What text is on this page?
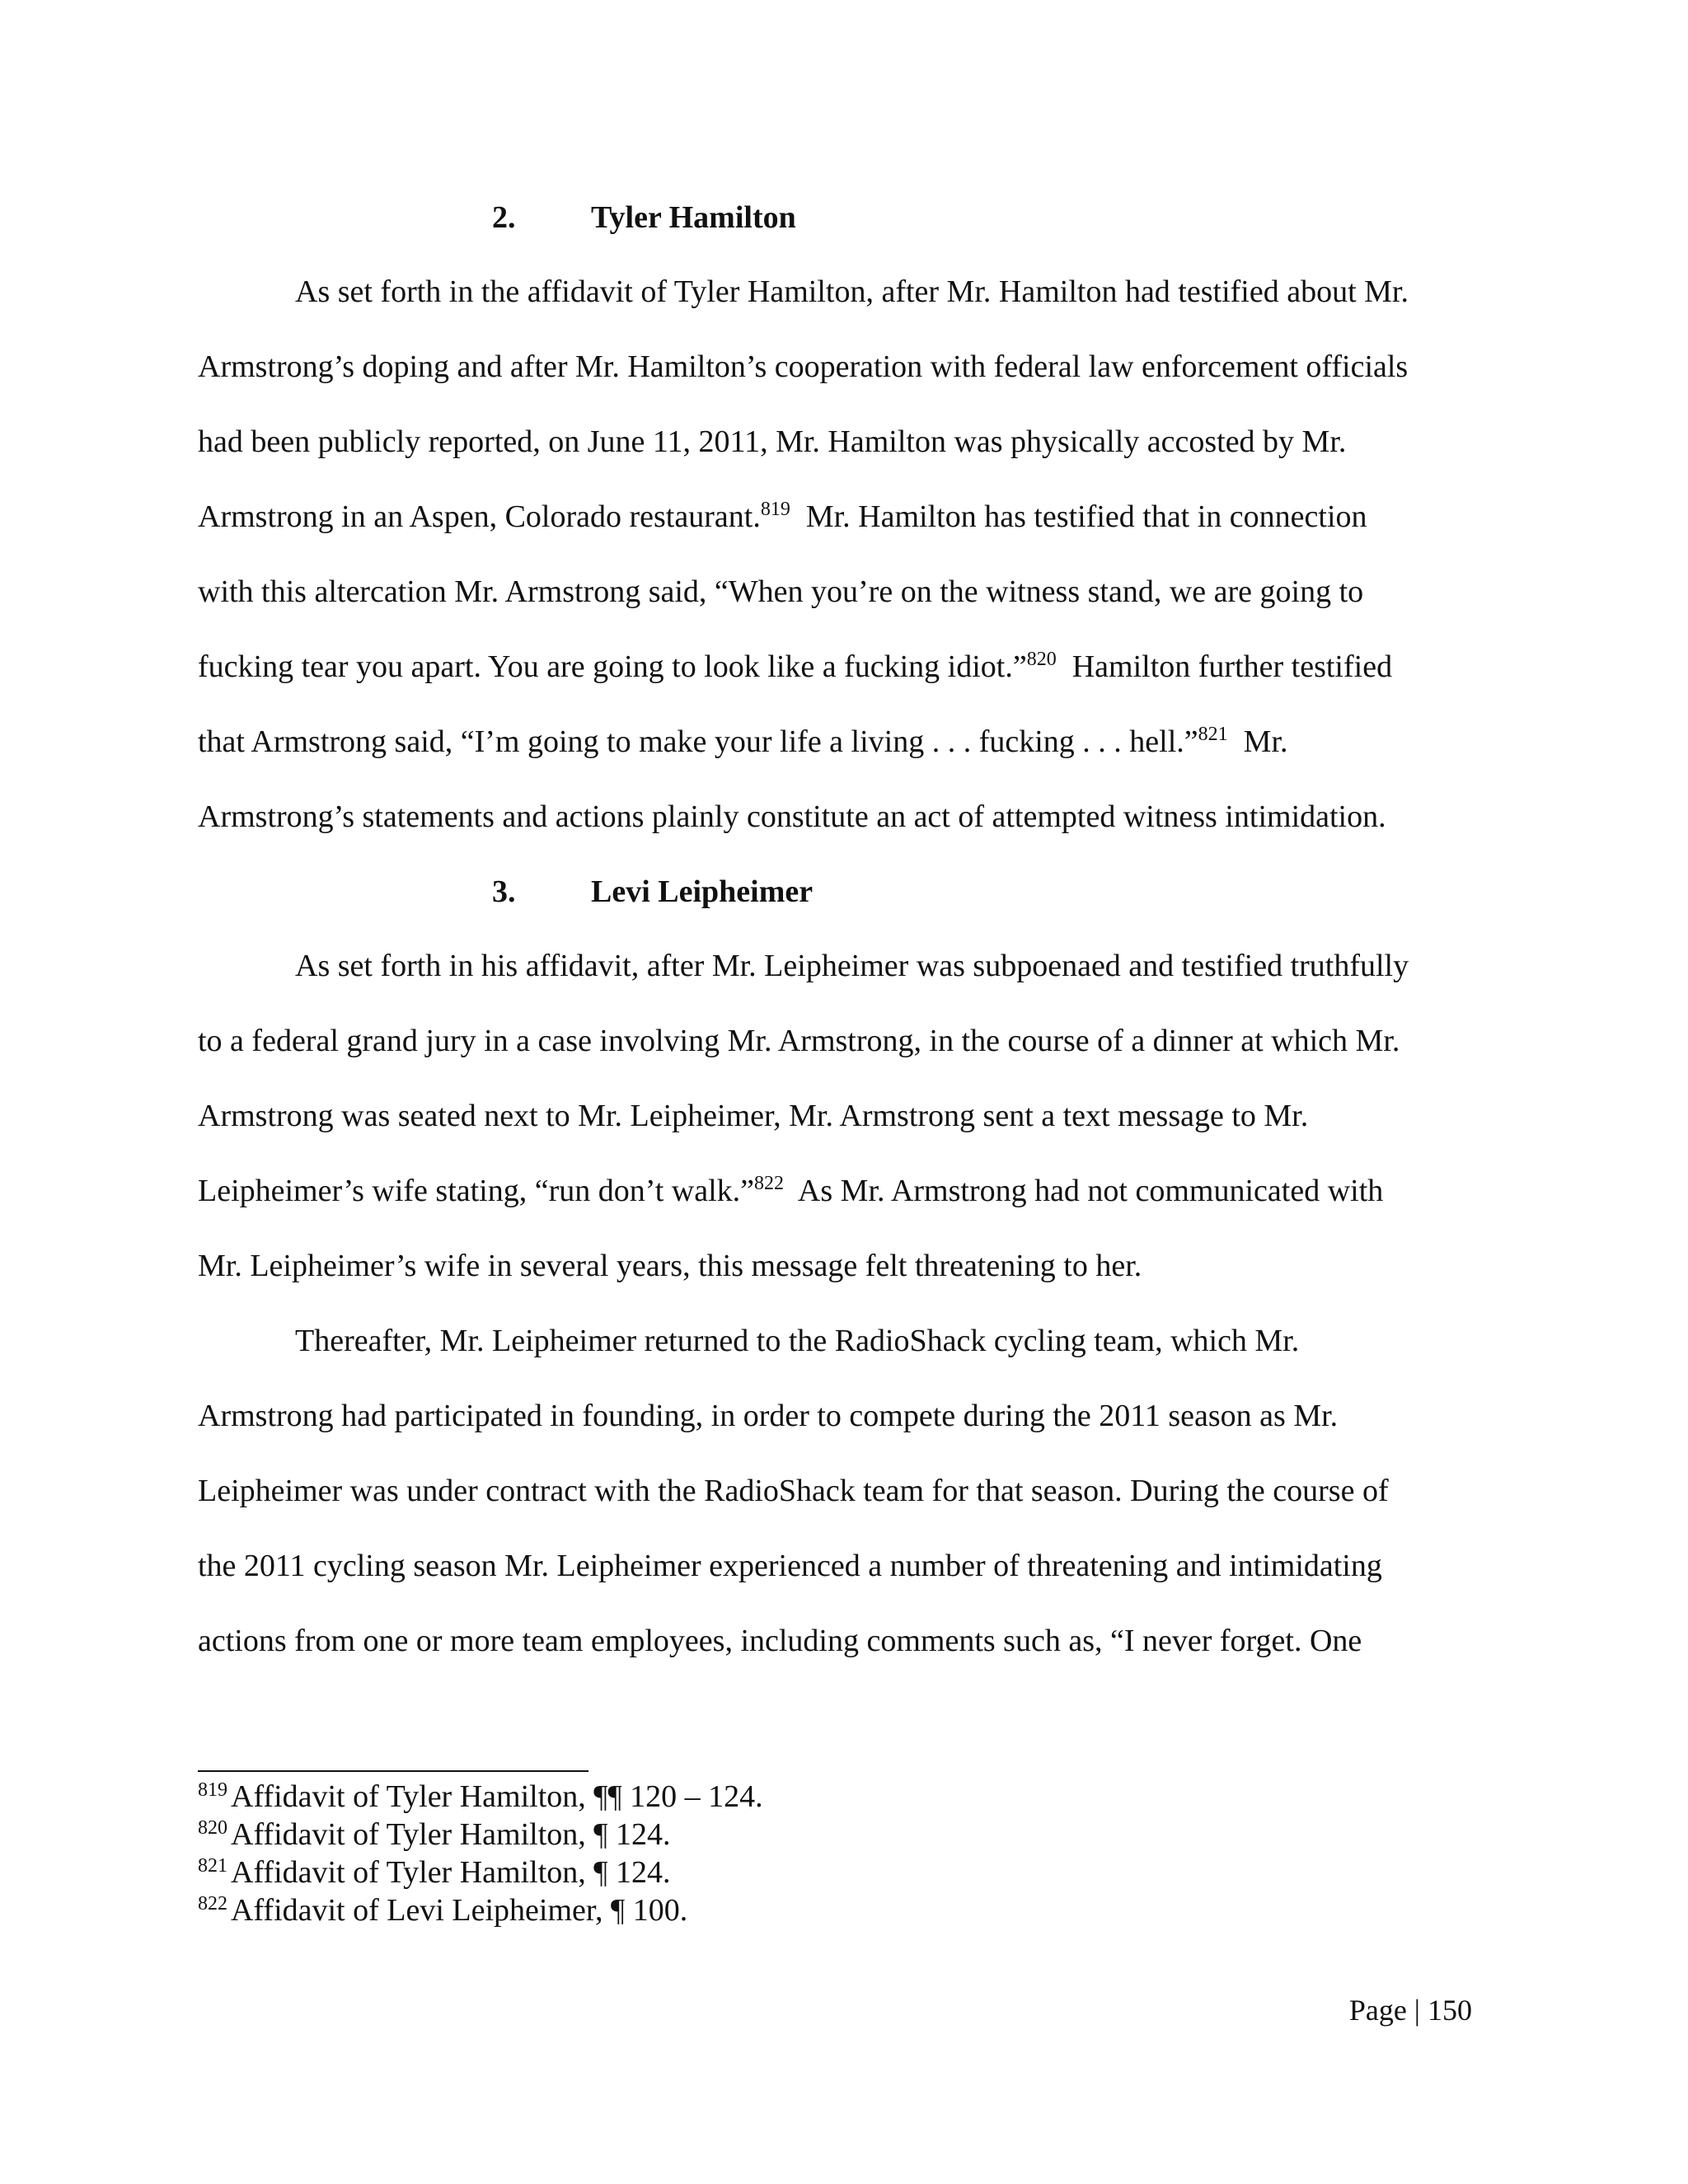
2. Tyler Hamilton
As set forth in the affidavit of Tyler Hamilton, after Mr. Hamilton had testified about Mr.
Armstrong’s doping and after Mr. Hamilton’s cooperation with federal law enforcement officials
had been publicly reported, on June 11, 2011, Mr. Hamilton was physically accosted by Mr.
Armstrong in an Aspen, Colorado restaurant.$^{819}$  Mr. Hamilton has testified that in connection
with this altercation Mr. Armstrong said, “When you’re on the witness stand, we are going to
fucking tear you apart. You are going to look like a fucking idiot.”$^{820}$  Hamilton further testified
that Armstrong said, “I’m going to make your life a living . . . fucking . . . hell.”$^{821}$  Mr.
Armstrong’s statements and actions plainly constitute an act of attempted witness intimidation.
3. Levi Leipheimer
As set forth in his affidavit, after Mr. Leipheimer was subpoenaed and testified truthfully
to a federal grand jury in a case involving Mr. Armstrong, in the course of a dinner at which Mr.
Armstrong was seated next to Mr. Leipheimer, Mr. Armstrong sent a text message to Mr.
Leipheimer’s wife stating, “run don’t walk.”$^{822}$  As Mr. Armstrong had not communicated with
Mr. Leipheimer’s wife in several years, this message felt threatening to her.
Thereafter, Mr. Leipheimer returned to the RadioShack cycling team, which Mr.
Armstrong had participated in founding, in order to compete during the 2011 season as Mr.
Leipheimer was under contract with the RadioShack team for that season. During the course of
the 2011 cycling season Mr. Leipheimer experienced a number of threatening and intimidating
actions from one or more team employees, including comments such as, “I never forget. One
$^{819}$ Affidavit of Tyler Hamilton, ¶¶ 120 – 124.
$^{820}$ Affidavit of Tyler Hamilton, ¶ 124.
$^{821}$ Affidavit of Tyler Hamilton, ¶ 124.
$^{822}$ Affidavit of Levi Leipheimer, ¶ 100.
Page | 150
